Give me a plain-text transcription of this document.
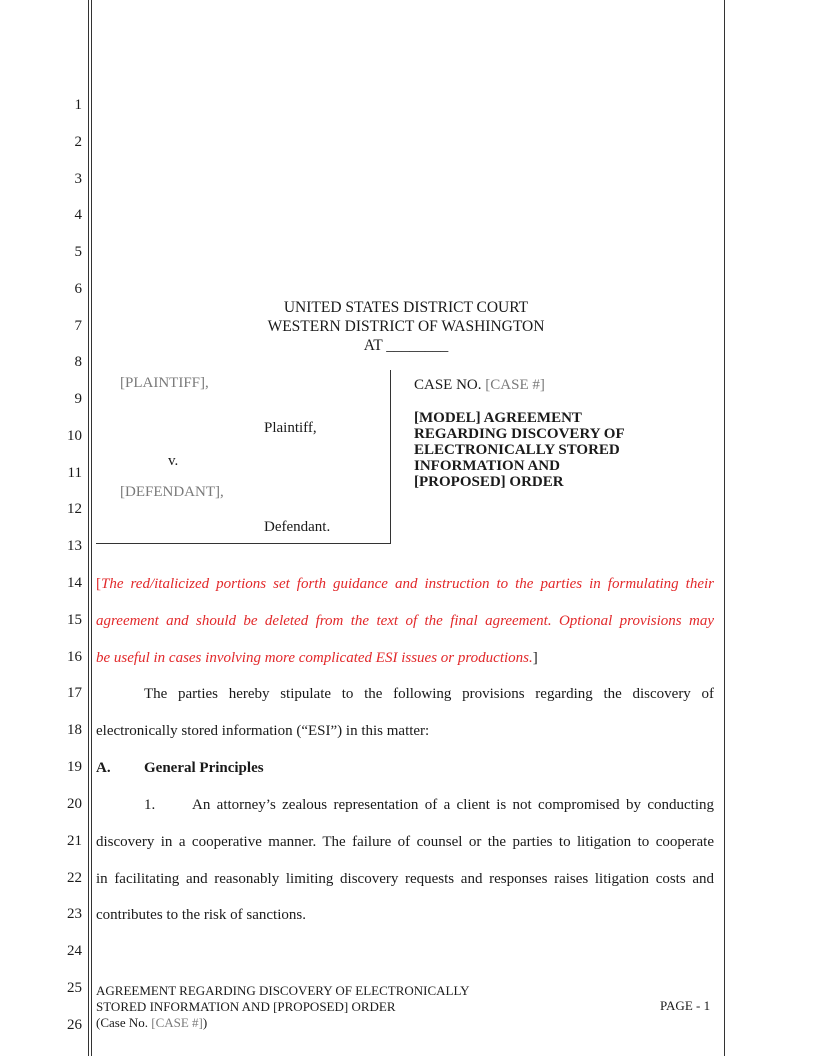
1
2
3
4
5
6
7
8
9
10
11
12
13
14
15
16
17
18
19
20
21
22
23
24
25
26
UNITED STATES DISTRICT COURT
WESTERN DISTRICT OF WASHINGTON
AT ________
[PLAINTIFF],
Plaintiff,
v.
[DEFENDANT],
Defendant.
CASE NO. [CASE #]
[MODEL] AGREEMENT
REGARDING DISCOVERY OF
ELECTRONICALLY STORED
INFORMATION AND
[PROPOSED] ORDER
[The red/italicized portions set forth guidance and instruction to the parties in formulating their
agreement and should be deleted from the text of the final agreement. Optional provisions may
be useful in cases involving more complicated ESI issues or productions.]
The parties hereby stipulate to the following provisions regarding the discovery of
electronically stored information (“ESI”) in this matter:
A. General Principles
1. An attorney’s zealous representation of a client is not compromised by conducting
discovery in a cooperative manner. The failure of counsel or the parties to litigation to cooperate
in facilitating and reasonably limiting discovery requests and responses raises litigation costs and
contributes to the risk of sanctions.
AGREEMENT REGARDING DISCOVERY OF ELECTRONICALLY
STORED INFORMATION AND [PROPOSED] ORDER
(Case No. [CASE #])
PAGE - 1
